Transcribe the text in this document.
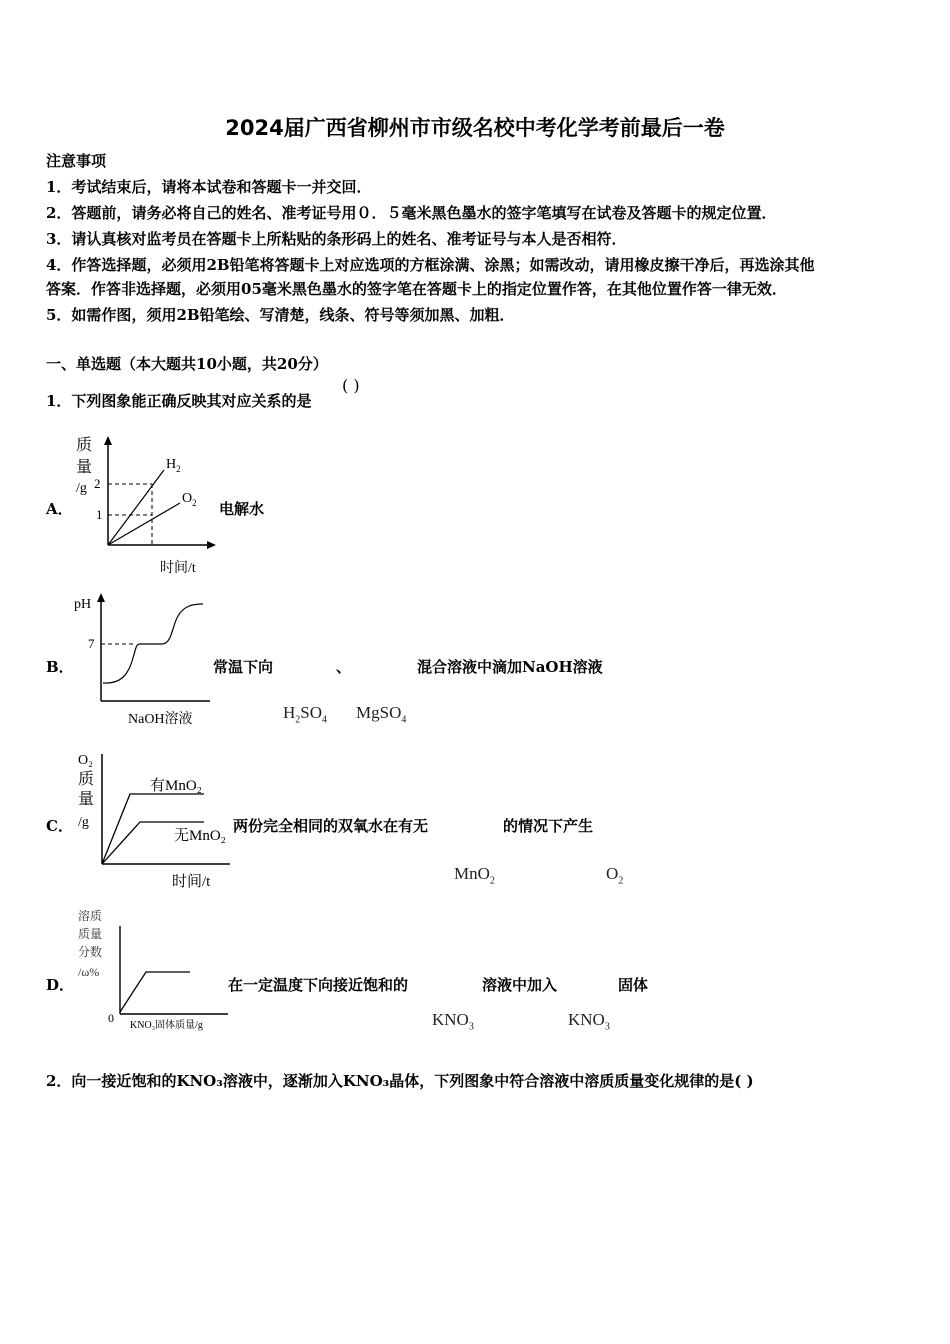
2024届广西省柳州市市级名校中考化学考前最后一卷
注意事项
1．考试结束后，请将本试卷和答题卡一并交回．
2．答题前，请务必将自己的姓名、准考证号用０．５毫米黑色墨水的签字笔填写在试卷及答题卡的规定位置．
3．请认真核对监考员在答题卡上所粘贴的条形码上的姓名、准考证号与本人是否相符．
4．作答选择题，必须用2B铅笔将答题卡上对应选项的方框涂满、涂黑；如需改动，请用橡皮擦干净后，再选涂其他
答案．作答非选择题，必须用05毫米黑色墨水的签字笔在答题卡上的指定位置作答，在其他位置作答一律无效．
5．如需作图，须用2B铅笔绘、写清楚，线条、符号等须加黑、加粗．
一、单选题（本大题共10小题，共20分）
1．下列图象能正确反映其对应关系的是
( )
A．
质
量
/g 2
1
$H_2$
$O_2$
时间/t
电解水
B．
pH
7
NaOH溶液
常温下向	、	混合溶液中滴加NaOH溶液
$H_2SO_4$ MgSO$_4$
C．
O₂
质
量
/g
有MnO₂
无MnO₂
时间/t
两份完全相同的双氧水在有无	的情况下产生
MnO$_2$	$O_2$
D．
溶质
质量
分数
/ω%
0
KNO₃固体质量/g
在一定温度下向接近饱和的	溶液中加入	固体
$KNO_3$	$KNO_3$
2．向一接近饱和的KNO₃溶液中，逐渐加入KNO₃晶体，下列图象中符合溶液中溶质质量变化规律的是( )
